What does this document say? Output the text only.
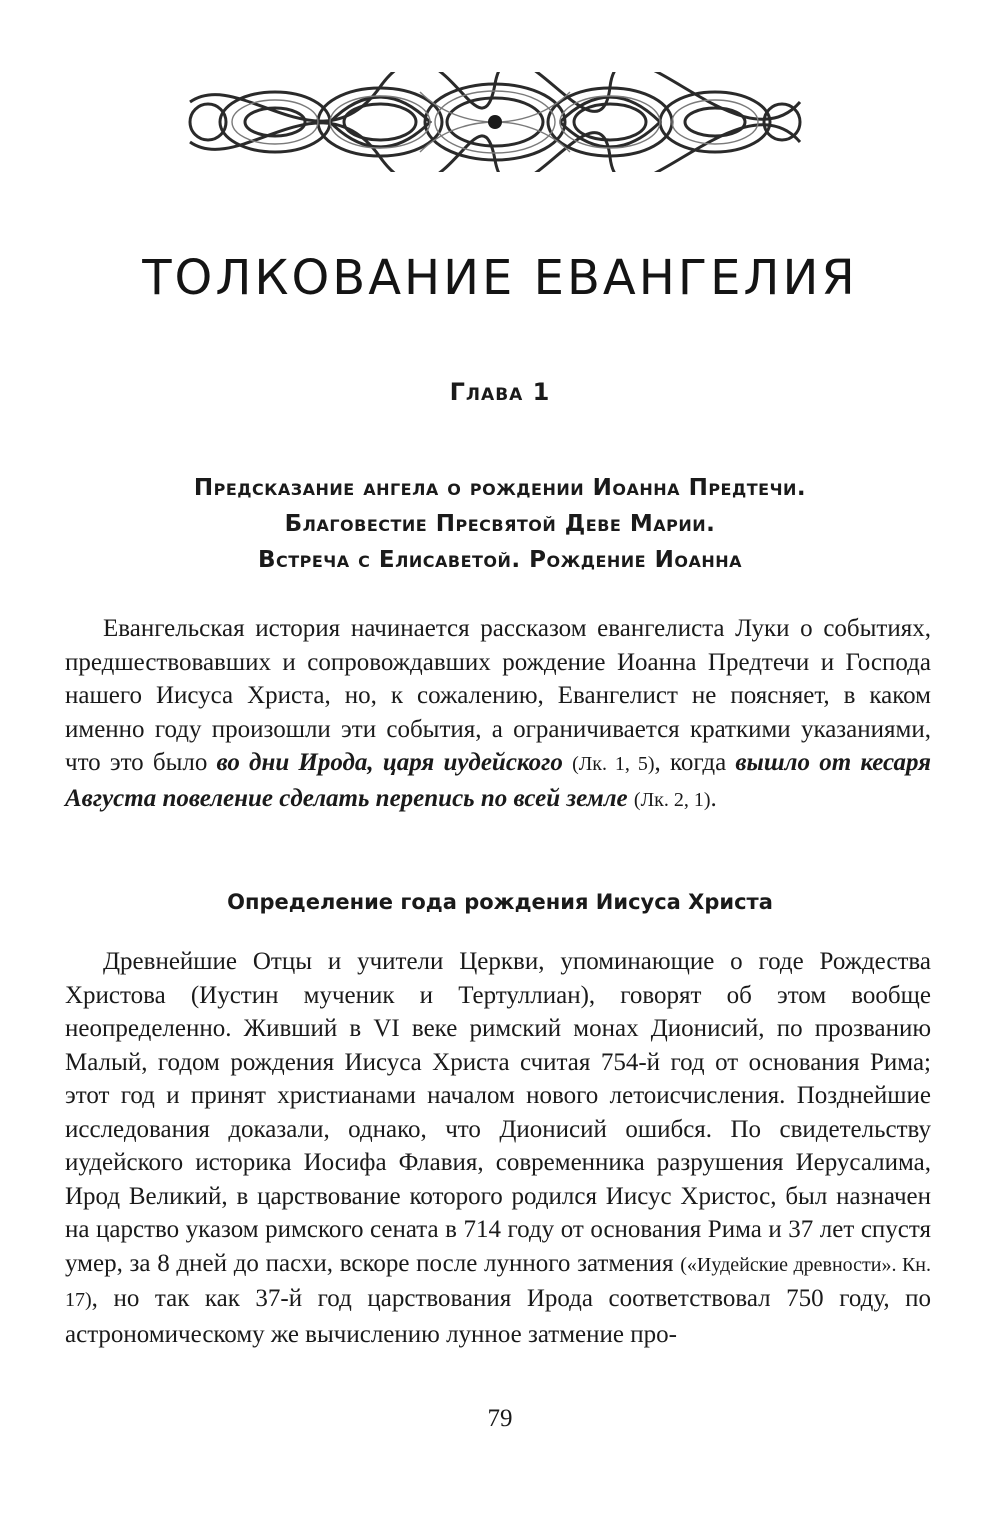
ТОЛКОВАНИЕ ЕВАНГЕЛИЯ
Глава 1
Предсказание ангела о рождении Иоанна Предтечи.
Благовестие Пресвятой Деве Марии.
Встреча с Елисаветой. Рождение Иоанна

Евангельская история начинается рассказом евангелиста Луки о событиях, предшествовавших и сопровождавших рождение Иоанна Предтечи и Господа нашего Иисуса Христа, но, к сожалению, Евангелист не поясняет, в каком именно году произошли эти события, а ограничивается краткими указаниями, что это было во дни Ирода, царя иудейского (Лк. 1, 5), когда вышло от кесаря Августа повеление сделать перепись по всей земле (Лк. 2, 1).

Определение года рождения Иисуса Христа

Древнейшие Отцы и учители Церкви, упоминающие о годе Рождества Христова (Иустин мученик и Тертуллиан), говорят об этом вообще неопределенно. Живший в VI веке римский монах Дионисий, по прозванию Малый, годом рождения Иисуса Христа считая 754-й год от основания Рима; этот год и принят христианами началом нового летоисчисления. Позднейшие исследования доказали, однако, что Дионисий ошибся. По свидетельству иудейского историка Иосифа Флавия, современника разрушения Иерусалима, Ирод Великий, в царствование которого родился Иисус Христос, был назначен на царство указом римского сената в 714 году от основания Рима и 37 лет спустя умер, за 8 дней до пасхи, вскоре после лунного затмения («Иудейские древности». Кн. 17), но так как 37-й год царствования Ирода соответствовал 750 году, по астрономическому же вычислению лунное затмение про-

79
